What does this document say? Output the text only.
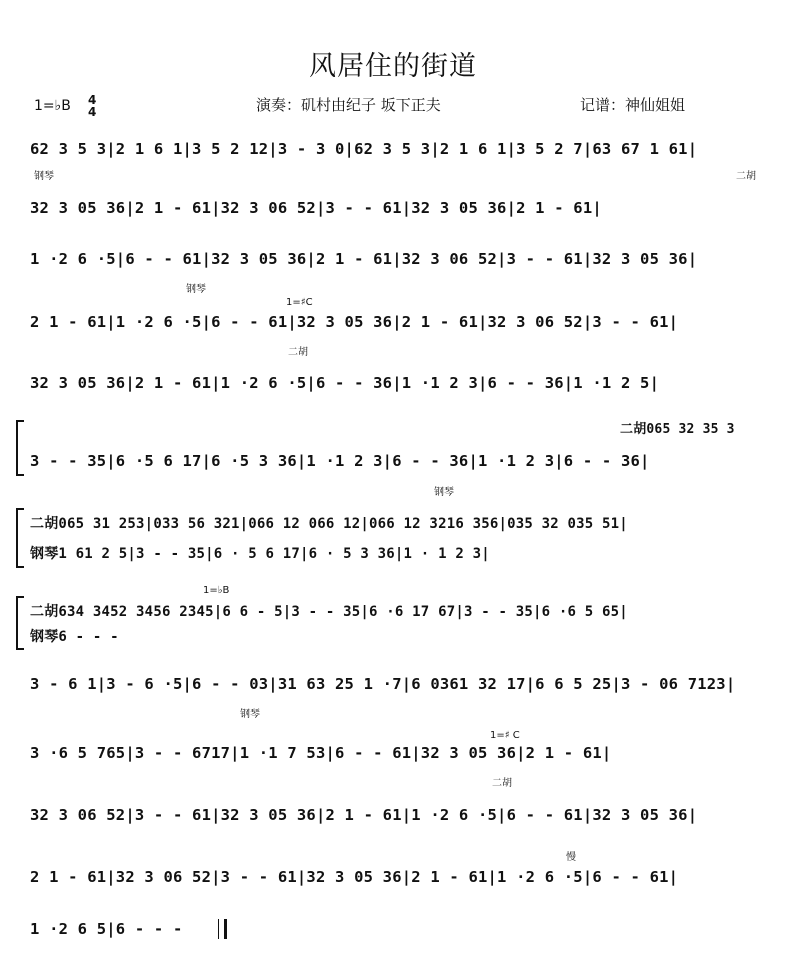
风居住的街道
1=♭B 4
4	演奏：矶村由纪子 坂下正夫	记谱：神仙姐姐
62 3 5 3|2 1 6 1|3 5 2 12|3 - 3 0|62 3 5 3|2 1 6 1|3 5 2 7|63 67 1 61|
32 3 05 36|2 1 - 61|32 3 06 52|3 - - 61|32 3 05 36|2 1 - 61|
1 ·2 6 ·5|6 - - 61|32 3 05 36|2 1 - 61|32 3 06 52|3 - - 61|32 3 05 36|
2 1 - 61|1 ·2 6 ·5|6 - - 61|32 3 05 36|2 1 - 61|32 3 06 52|3 - - 61|
32 3 05 36|2 1 - 61|1 ·2 6 ·5|6 - - 36|1 ·1 2 3|6 - - 36|1 ·1 2 5|
二胡065 32 35 3
3 - - 35|6 ·5 6 17|6 ·5 3 36|1 ·1 2 3|6 - - 36|1 ·1 2 3|6 - - 36|
二胡065 31 253|033 56 321|066 12 066 12|066 12 3216 356|035 32 035 51|
钢琴1 61 2 5|3 - - 35|6 · 5 6 17|6 · 5 3 36|1 · 1 2 3|
二胡634 3452 3456 2345|6 6 - 5|3 - - 35|6 ·6 17 67|3 - - 35|6 ·6 5 65|
钢琴6 - - -
3 - 6 1|3 - 6 ·5|6 - - 03|31 63 25 1 ·7|6 0361 32 17|6 6 5 25|3 - 06 7123|
3 ·6 5 765|3 - - 6717|1 ·1 7 53|6 - - 61|32 3 05 36|2 1 - 61|
32 3 06 52|3 - - 61|32 3 05 36|2 1 - 61|1 ·2 6 ·5|6 - - 61|32 3 05 36|
2 1 - 61|32 3 06 52|3 - - 61|32 3 05 36|2 1 - 61|1 ·2 6 ·5|6 - - 61|
1 ·2 6 5|6 - - -
钢琴	二胡
钢琴
1=♯C
二胡
钢琴
1=♭B
钢琴
1=♯ C
二胡
慢
